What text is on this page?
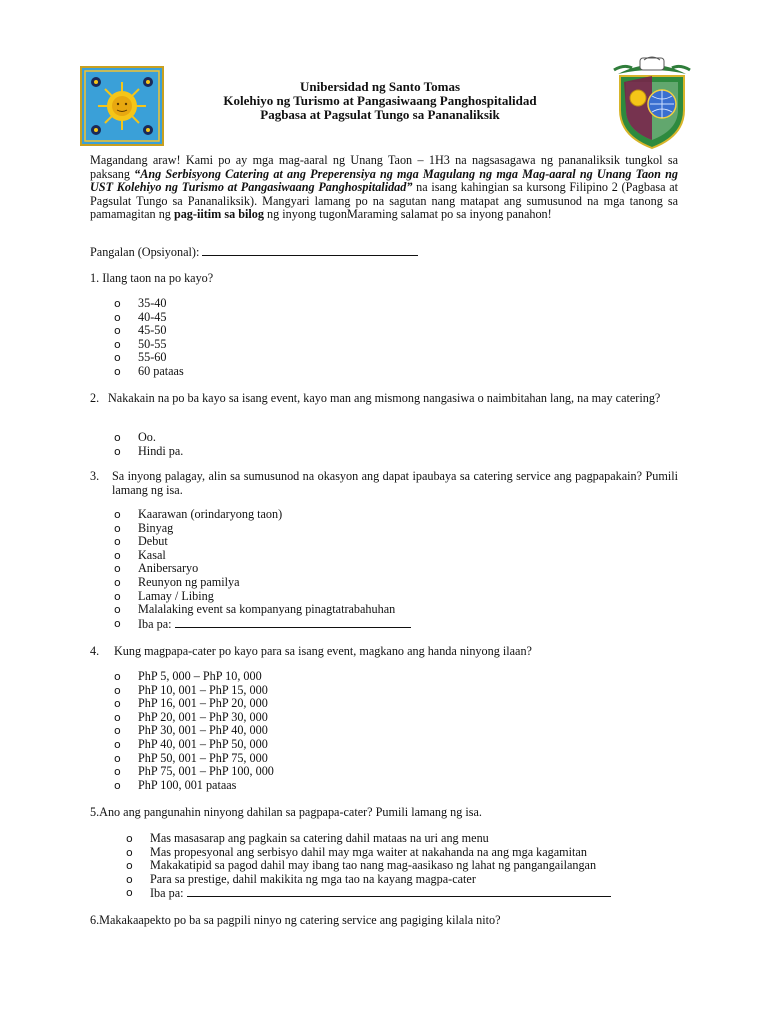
Unibersidad ng Santo Tomas
Kolehiyo ng Turismo at Pangasiwaang Panghospitalidad
Pagbasa at Pagsulat Tungo sa Pananaliksik
Magandang araw! Kami po ay mga mag-aaral ng Unang Taon – 1H3 na nagsasagawa ng pananaliksik tungkol sa paksang “Ang Serbisyong Catering at ang Preperensiya ng mga Magulang ng mga Mag-aaral ng Unang Taon ng UST Kolehiyo ng Turismo at Pangasiwaang Panghospitalidad” na isang kahingian sa kursong Filipino 2 (Pagbasa at Pagsulat Tungo sa Pananaliksik). Mangyari lamang po na sagutan nang matapat ang sumusunod na mga tanong sa pamamagitan ng pag-iitim sa bilog ng inyong tugonMaraming salamat po sa inyong panahon!
Pangalan (Opsiyonal):
1. Ilang taon na po kayo?
o 35-40
o 40-45
o 45-50
o 50-55
o 55-60
o 60 pataas
2. Nakakain na po ba kayo sa isang event, kayo man ang mismong nangasiwa o naimbitahan lang, na may catering?
o Oo.
o Hindi pa.
3. Sa inyong palagay, alin sa sumusunod na okasyon ang dapat ipaubaya sa catering service ang pagpapakain? Pumili lamang ng isa.
o Kaarawan (orindaryong taon)
o Binyag
o Debut
o Kasal
o Anibersaryo
o Reunyon ng pamilya
o Lamay / Libing
o Malalaking event sa kompanyang pinagtatrabahuhan
o Iba pa:
4. Kung magpapa-cater po kayo para sa isang event, magkano ang handa ninyong ilaan?
o PhP 5, 000 – PhP 10, 000
o PhP 10, 001 – PhP 15, 000
o PhP 16, 001 – PhP 20, 000
o PhP 20, 001 – PhP 30, 000
o PhP 30, 001 – PhP 40, 000
o PhP 40, 001 – PhP 50, 000
o PhP 50, 001 – PhP 75, 000
o PhP 75, 001 – PhP 100, 000
o PhP 100, 001 pataas
5.Ano ang pangunahin ninyong dahilan sa pagpapa-cater? Pumili lamang ng isa.
o Mas masasarap ang pagkain sa catering dahil mataas na uri ang menu
o Mas propesyonal ang serbisyo dahil may mga waiter at nakahanda na ang mga kagamitan
o Makakatipid sa pagod dahil may ibang tao nang mag-aasikaso ng lahat ng pangangailangan
o Para sa prestige, dahil makikita ng mga tao na kayang magpa-cater
o Iba pa:
6.Makakaapekto po ba sa pagpili ninyo ng catering service ang pagiging kilala nito?
